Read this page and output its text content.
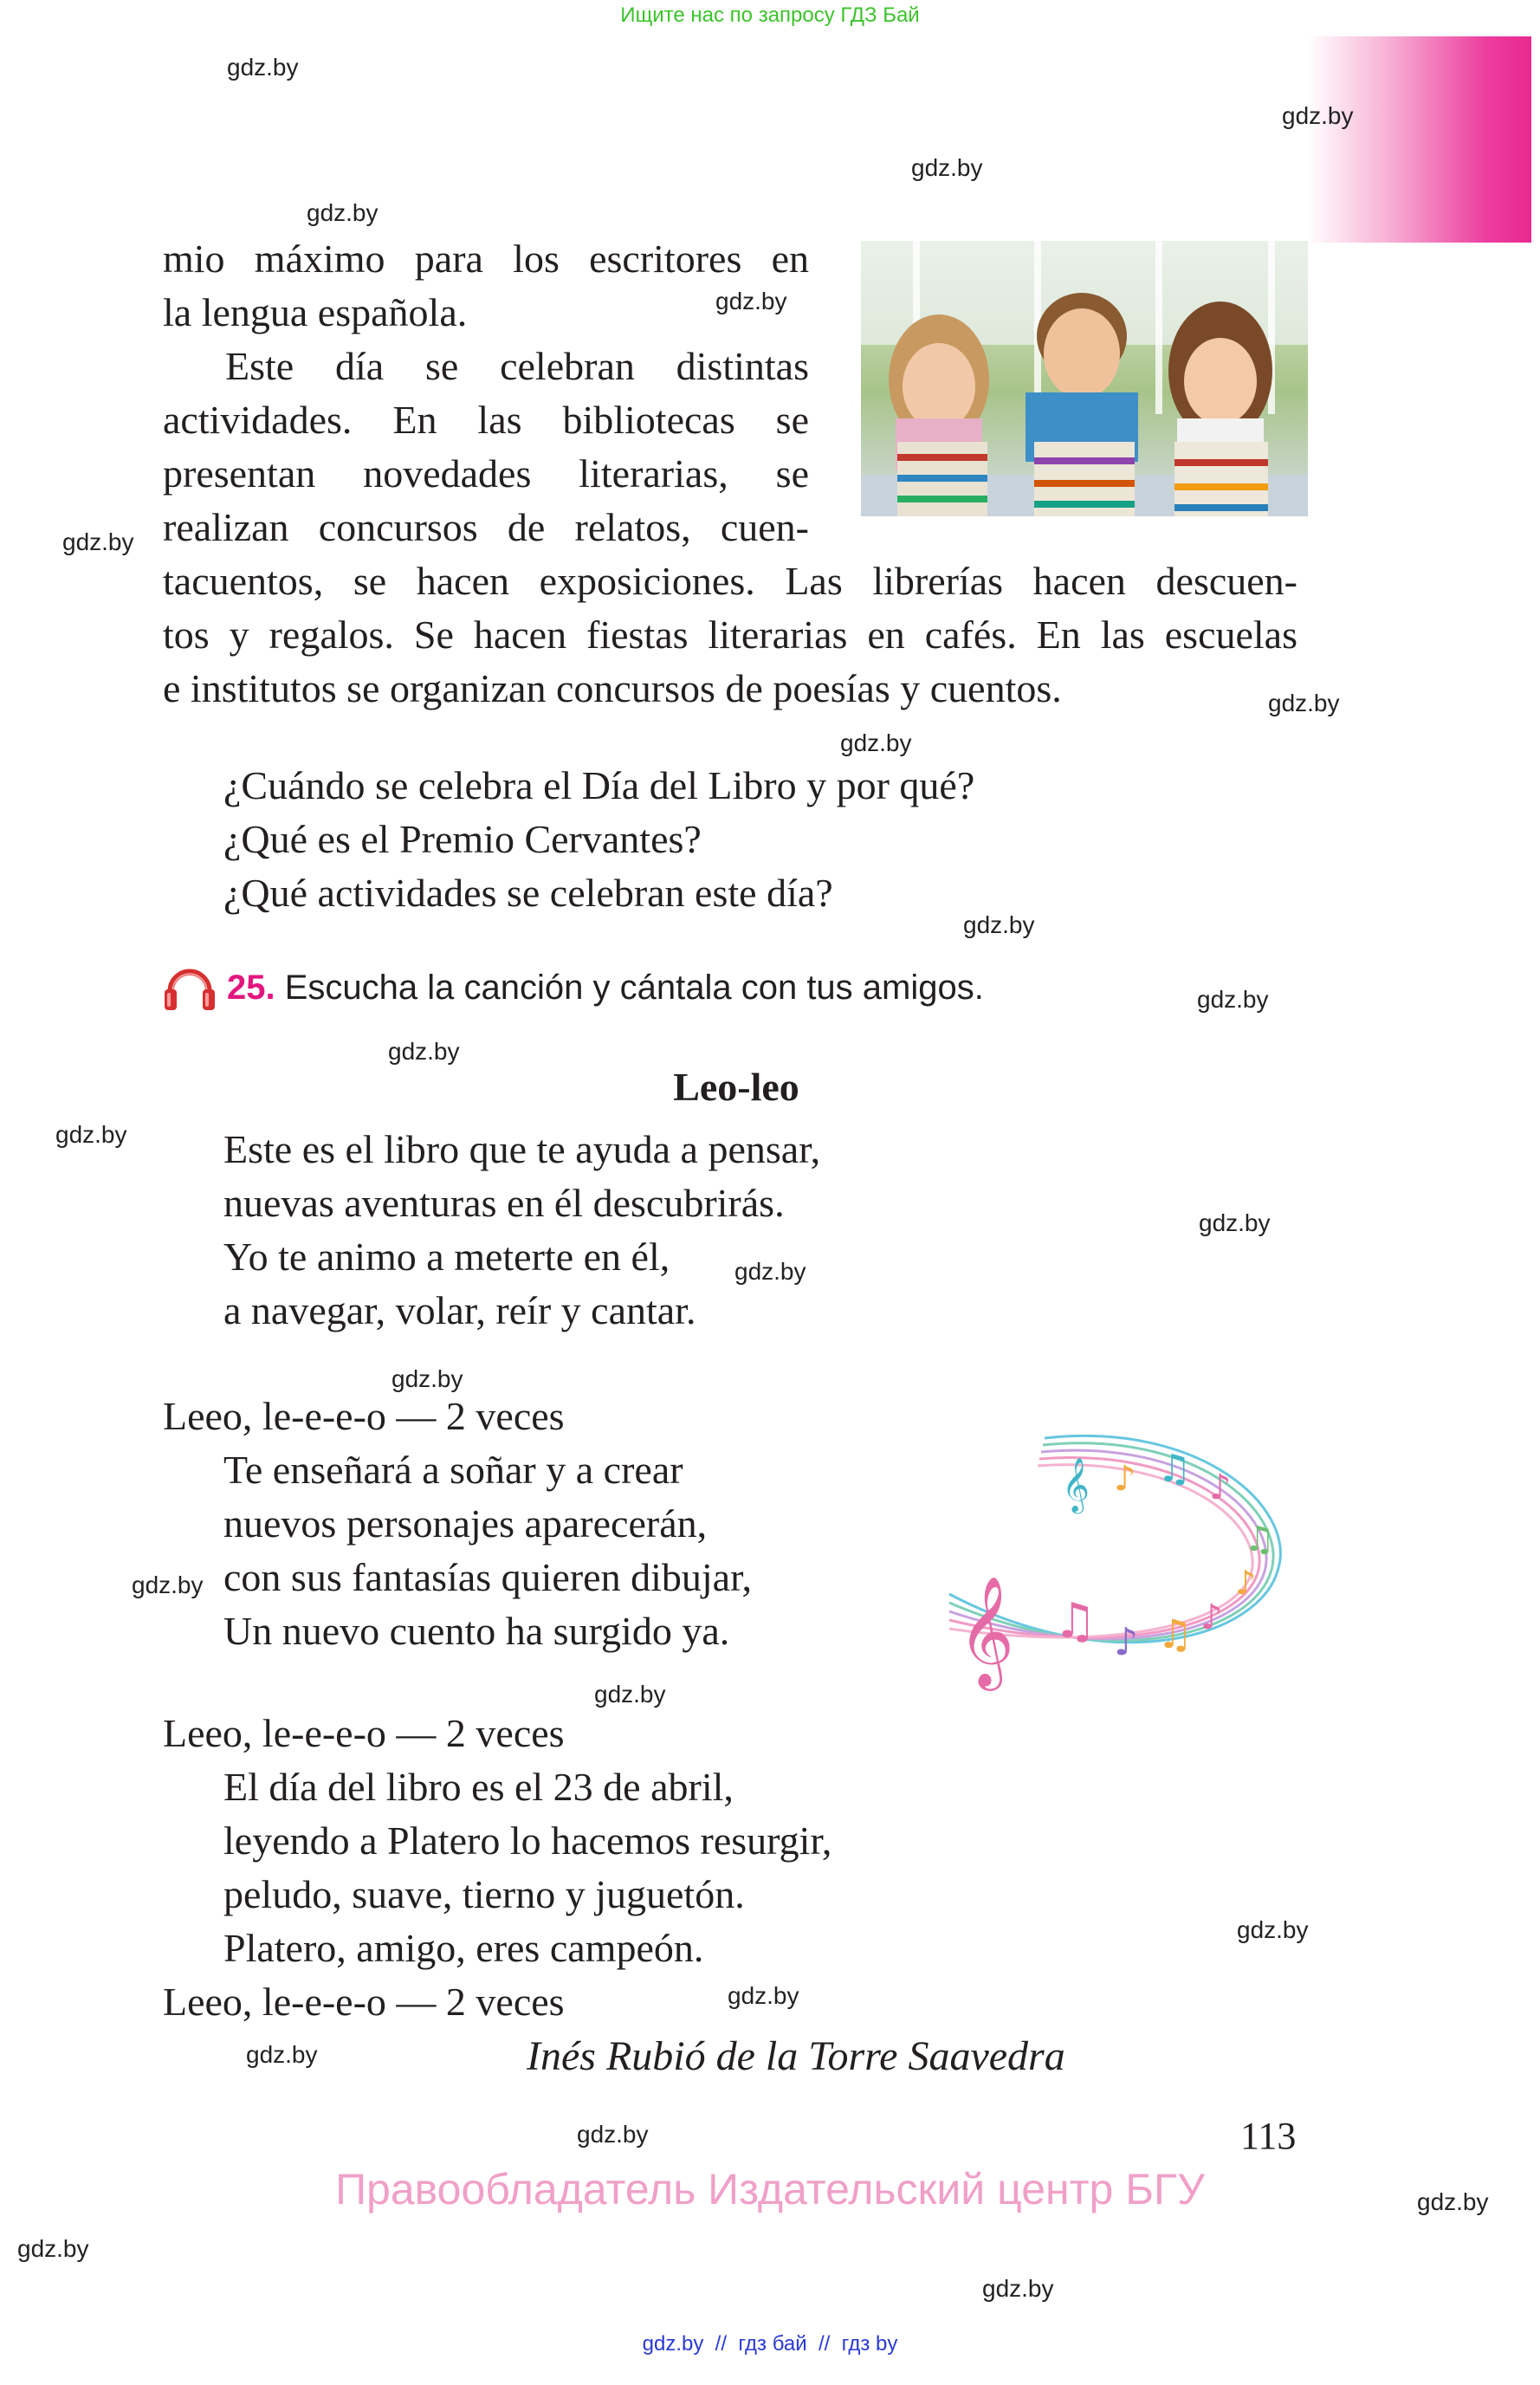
Ищите нас по запросу ГДЗ Бай
gdz.by
gdz.by
gdz.by
gdz.by
gdz.by
gdz.by
gdz.by
gdz.by
gdz.by
gdz.by
gdz.by
gdz.by
gdz.by
gdz.by
gdz.by
gdz.by
gdz.by
gdz.by
gdz.by
gdz.by
gdz.by
gdz.by
gdz.by
gdz.by
mio máximo para los escritores en
la lengua española.
Este día se celebran distintas
actividades. En las bibliotecas se
presentan novedades literarias, se
realizan concursos de relatos, cuen-
tacuentos, se hacen exposiciones. Las librerías hacen descuen-
tos y regalos. Se hacen fiestas literarias en cafés. En las escuelas
e institutos se organizan concursos de poesías y cuentos.
¿Cuándo se celebra el Día del Libro y por qué?
¿Qué es el Premio Cervantes?
¿Qué actividades se celebran este día?
25. Escucha la canción y cántala con tus amigos.
Leo-leo
Este es el libro que te ayuda a pensar,
nuevas aventuras en él descubrirás.
Yo te animo a meterte en él,
a navegar, volar, reír y cantar.
Leeo, le-e-e-o — 2 veces
Te enseñará a soñar y a crear
nuevos personajes aparecerán,
con sus fantasías quieren dibujar,
Un nuevo cuento ha surgido ya.
Leeo, le-e-e-o — 2 veces
El día del libro es el 23 de abril,
leyendo a Platero lo hacemos resurgir,
peludo, suave, tierno y juguetón.
Platero, amigo, eres campeón.
Leeo, le-e-e-o — 2 veces
𝄞
𝄞
♪ ♫ ♪
♫
♪
♫ ♪ ♫ ♪
Inés Rubió de la Torre Saavedra
113
Правообладатель Издательский центр БГУ
gdz.by  //  гдз бай  //  гдз by
